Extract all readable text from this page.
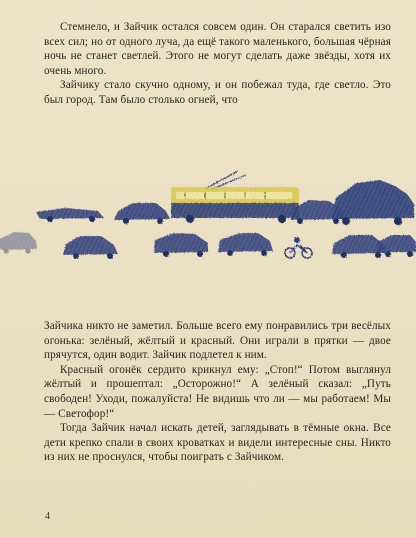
Стемнело, и Зайчик остался совсем один. Он старался светить изо всех сил; но от одного луча, да ещё такого маленького, большая чёрная ночь не станет светлей. Этого не могут сделать даже звёзды, хотя их очень много.

Зайчику стало скучно одному, и он побежал туда, где светло. Это был город. Там было столько огней, что

Зайчика никто не заметил. Больше всего ему понравились три весёлых огонька: зелёный, жёлтый и красный. Они играли в прятки — двое прячутся, один водит. Зайчик подлетел к ним.

Красный огонёк сердито крикнул ему: „Стоп!“ Потом выглянул жёлтый и прошептал: „Осторожно!“ А зелёный сказал: „Путь свободен! Уходи, пожалуйста! Не видишь что ли — мы работаем! Мы — Светофор!“

Тогда Зайчик начал искать детей, заглядывать в тёмные окна. Все дети крепко спали в своих кроватках и видели интересные сны. Никто из них не проснулся, чтобы поиграть с Зайчиком.

4
